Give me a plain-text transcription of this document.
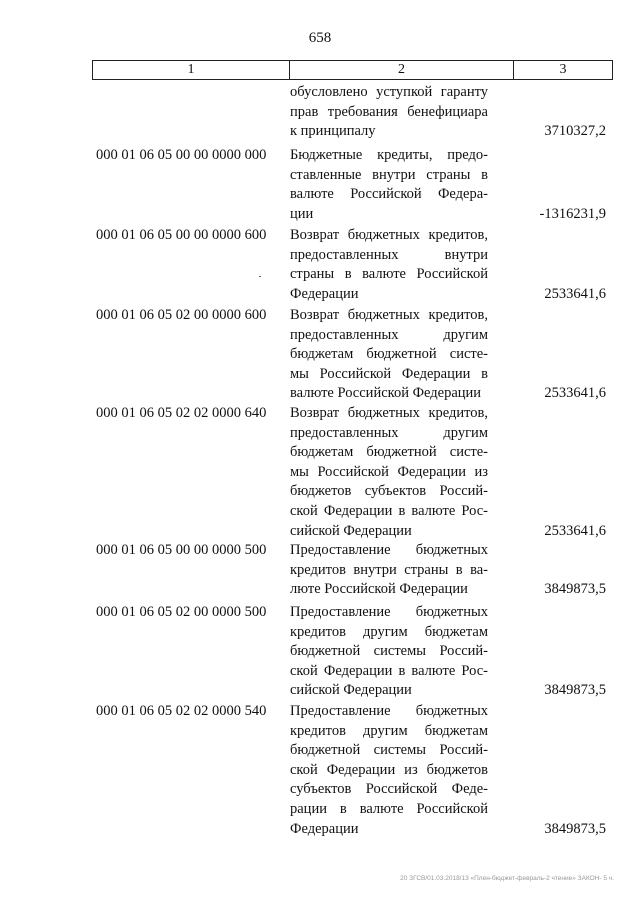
658
1	2	3
обусловлено уступкой гаранту
прав требования бенефициара
к принципалу	3710327,2
000 01 06 05 00 00 0000 000 Бюджетные кредиты, предо-
ставленные внутри страны в
валюте Российской Федера-
ции	-1316231,9
000 01 06 05 00 00 0000 600 Возврат бюджетных кредитов,
предоставленных внутри
страны в валюте Российской
Федерации	2533641,6
000 01 06 05 02 00 0000 600 Возврат бюджетных кредитов,
предоставленных другим
бюджетам бюджетной систе-
мы Российской Федерации в
валюте Российской Федерации	2533641,6
000 01 06 05 02 02 0000 640 Возврат бюджетных кредитов,
предоставленных другим
бюджетам бюджетной систе-
мы Российской Федерации из
бюджетов субъектов Россий-
ской Федерации в валюте Рос-
сийской Федерации	2533641,6
000 01 06 05 00 00 0000 500 Предоставление бюджетных
кредитов внутри страны в ва-
люте Российской Федерации	3849873,5
000 01 06 05 02 00 0000 500 Предоставление бюджетных
кредитов другим бюджетам
бюджетной системы Россий-
ской Федерации в валюте Рос-
сийской Федерации	3849873,5
000 01 06 05 02 02 0000 540 Предоставление бюджетных
кредитов другим бюджетам
бюджетной системы Россий-
ской Федерации из бюджетов
субъектов Российской Феде-
рации в валюте Российской
Федерации	3849873,5
20 ЗГСВ/01.03.2018/13 «Плен-бюджет-февраль-2 чтение» ЗАКОН- 5 ч.
